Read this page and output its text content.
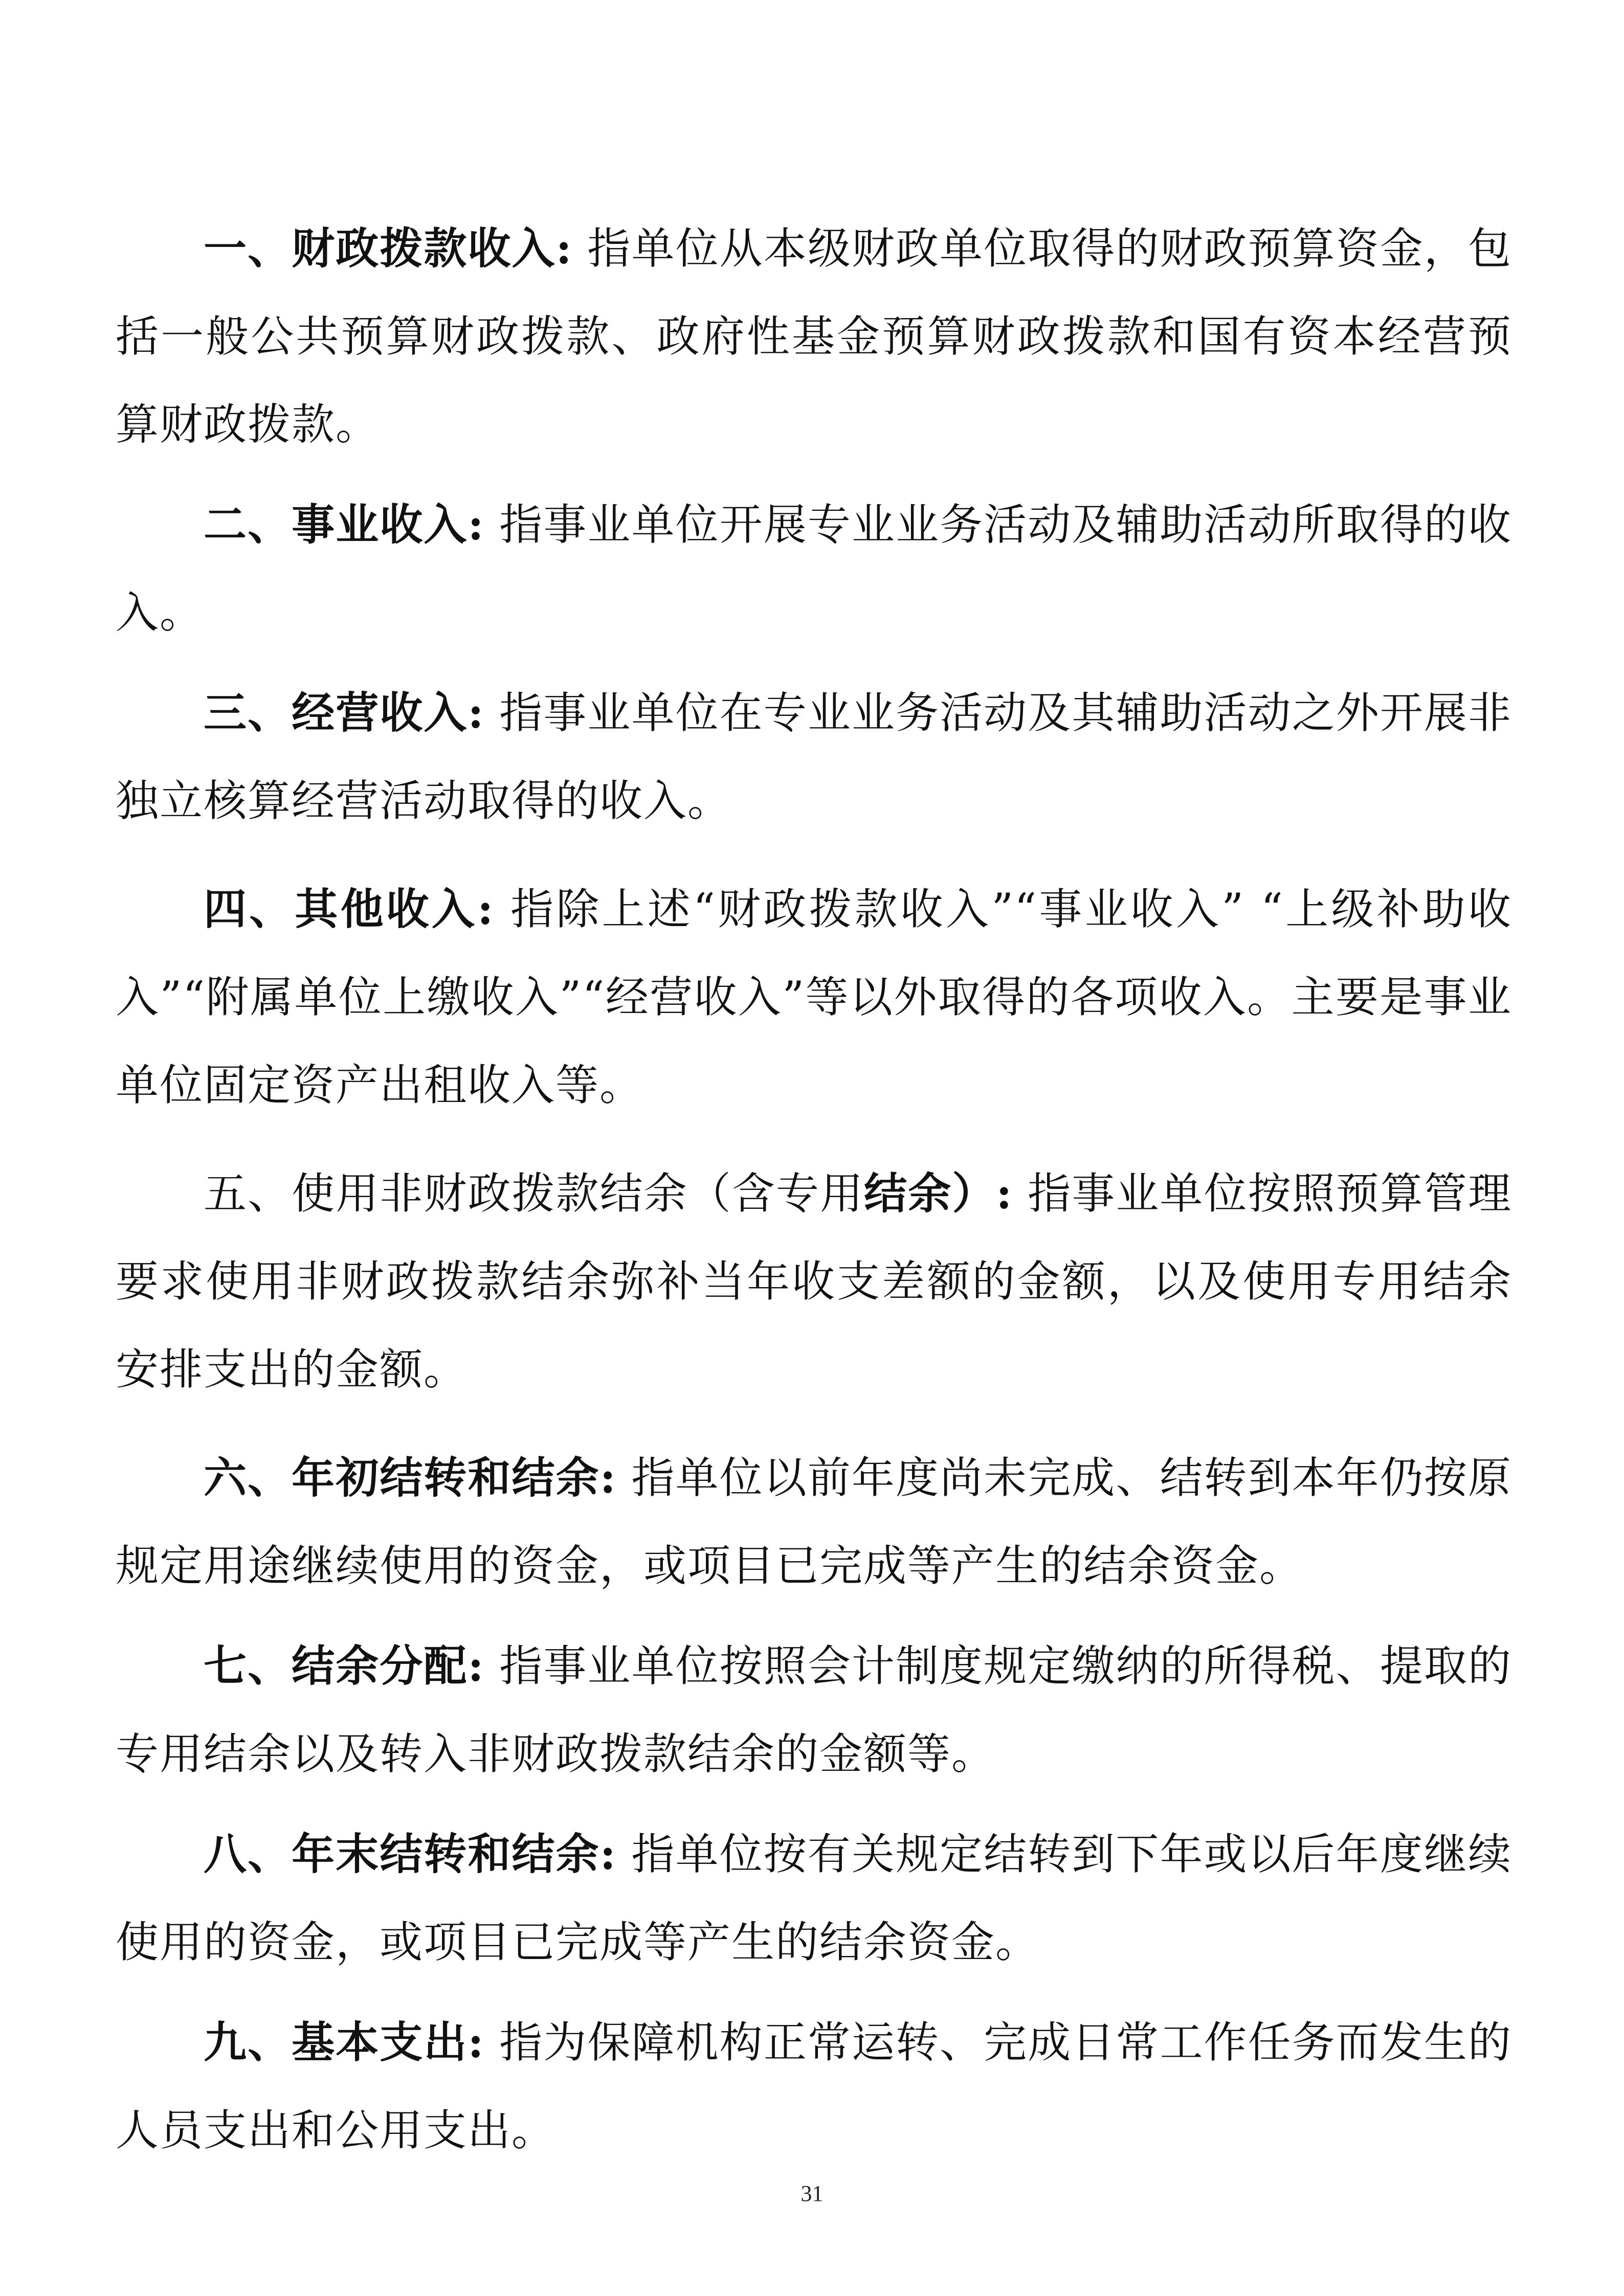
一、财政拨款收入: 指单位从本级财政单位取得的财政预算资金，包括一般公共预算财政拨款、政府性基金预算财政拨款和国有资本经营预算财政拨款。

二、事业收入: 指事业单位开展专业业务活动及辅助活动所取得的收入。

三、经营收入: 指事业单位在专业业务活动及其辅助活动之外开展非独立核算经营活动取得的收入。

四、其他收入: 指除上述“财政拨款收入”“事业收入” “上级补助收入”“附属单位上缴收入”“经营收入”等以外取得的各项收入。主要是事业单位固定资产出租收入等。

五、使用非财政拨款结余（含专用结余）: 指事业单位按照预算管理要求使用非财政拨款结余弥补当年收支差额的金额，以及使用专用结余安排支出的金额。

六、年初结转和结余: 指单位以前年度尚未完成、结转到本年仍按原规定用途继续使用的资金，或项目已完成等产生的结余资金。

七、结余分配: 指事业单位按照会计制度规定缴纳的所得税、提取的专用结余以及转入非财政拨款结余的金额等。

八、年末结转和结余: 指单位按有关规定结转到下年或以后年度继续使用的资金，或项目已完成等产生的结余资金。

九、基本支出: 指为保障机构正常运转、完成日常工作任务而发生的人员支出和公用支出。

31
